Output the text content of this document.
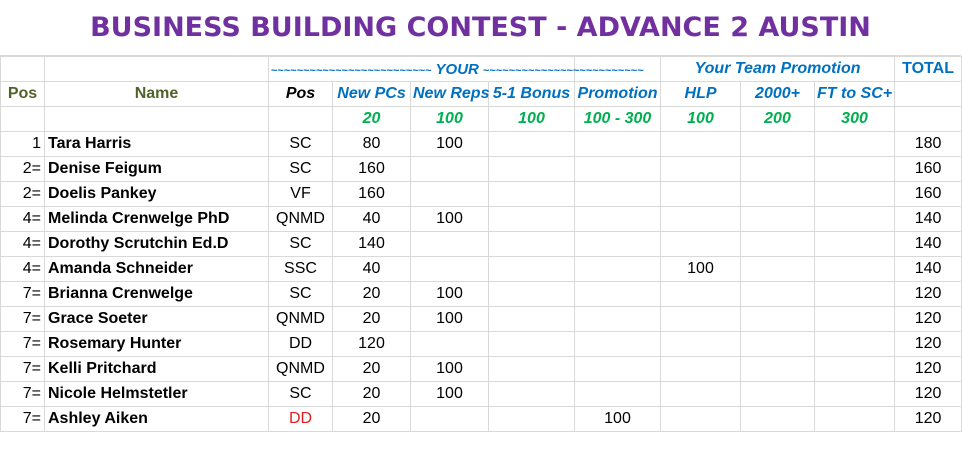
BUSINESS BUILDING CONTEST - ADVANCE 2 AUSTIN
		~~~~~~~~~~~~~~~~~~~~~~~~~ YOUR ~~~~~~~~~~~~~~~~~~~~~~~~~					Your Team Promotion			TOTAL
Pos	Name	Pos	New PCs	New Reps	5-1 Bonus	Promotion	HLP	2000+	FT to SC+	
			20	100	100	100 - 300	100	200	300	
1	Tara Harris	SC	80	100						180
2=	Denise Feigum	SC	160							160
2=	Doelis Pankey	VF	160							160
4=	Melinda Crenwelge PhD	QNMD	40	100						140
4=	Dorothy Scrutchin Ed.D	SC	140							140
4=	Amanda Schneider	SSC	40				100			140
7=	Brianna Crenwelge	SC	20	100						120
7=	Grace Soeter	QNMD	20	100						120
7=	Rosemary Hunter	DD	120							120
7=	Kelli Pritchard	QNMD	20	100						120
7=	Nicole Helmstetler	SC	20	100						120
7=	Ashley Aiken	DD	20			100				120
